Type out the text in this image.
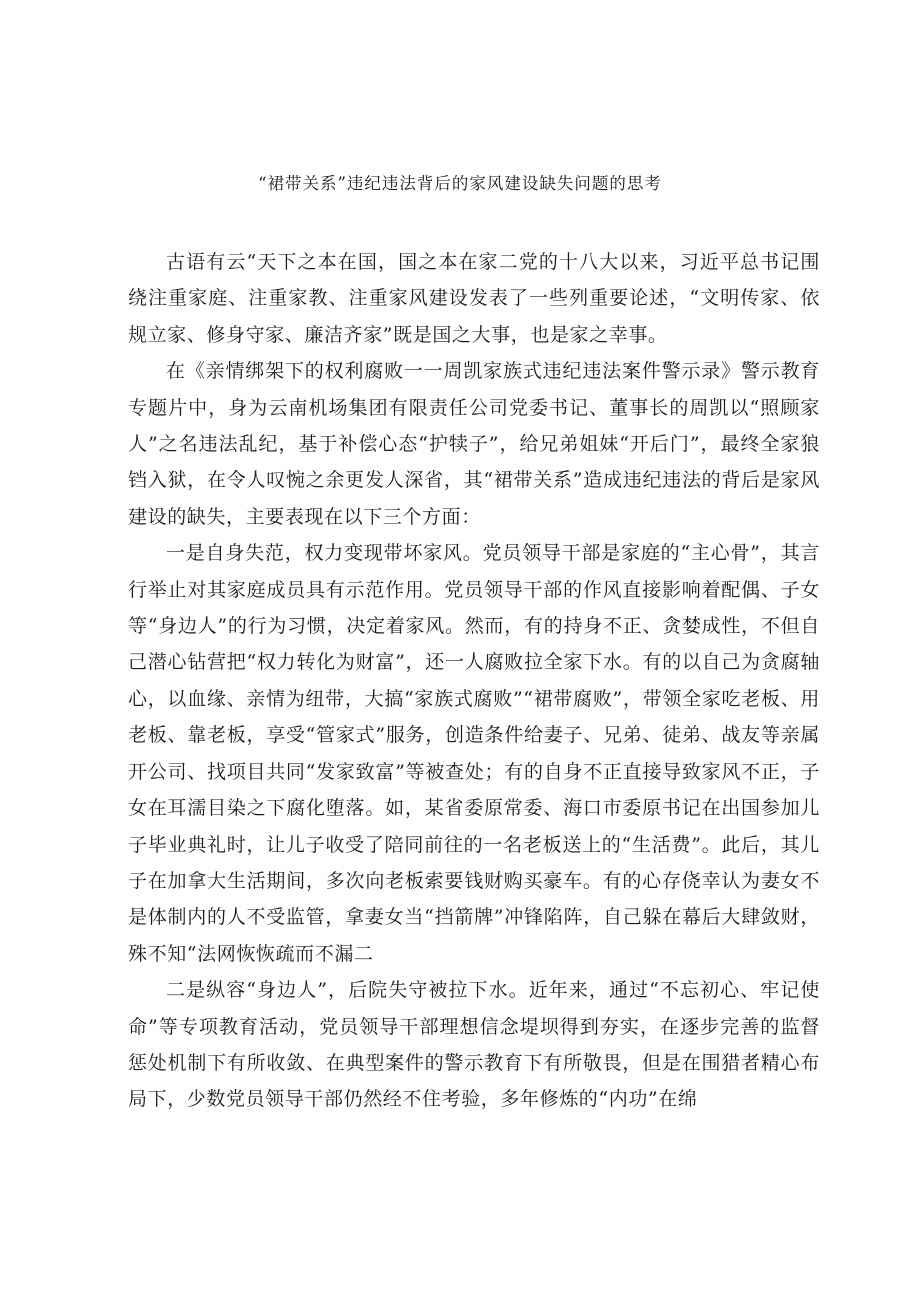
“裙带关系”违纪违法背后的家风建设缺失问题的思考

古语有云“天下之本在国，国之本在家二党的十八大以来，习近平总书记围绕注重家庭、注重家教、注重家风建设发表了一些列重要论述，“文明传家、依规立家、修身守家、廉洁齐家”既是国之大事，也是家之幸事。

在《亲情绑架下的权利腐败一一周凯家族式违纪违法案件警示录》警示教育专题片中，身为云南机场集团有限责任公司党委书记、董事长的周凯以“照顾家人”之名违法乱纪，基于补偿心态“护犊子”，给兄弟姐妹“开后门”，最终全家狼铛入狱，在令人叹惋之余更发人深省，其“裙带关系”造成违纪违法的背后是家风建设的缺失，主要表现在以下三个方面：

一是自身失范，权力变现带坏家风。党员领导干部是家庭的“主心骨”，其言行举止对其家庭成员具有示范作用。党员领导干部的作风直接影响着配偶、子女等“身边人”的行为习惯，决定着家风。然而，有的持身不正、贪婪成性，不但自己潜心钻营把“权力转化为财富”，还一人腐败拉全家下水。有的以自己为贪腐轴心，以血缘、亲情为纽带，大搞“家族式腐败”“裙带腐败”，带领全家吃老板、用老板、靠老板，享受“管家式”服务，创造条件给妻子、兄弟、徒弟、战友等亲属开公司、找项目共同“发家致富”等被查处；有的自身不正直接导致家风不正，子女在耳濡目染之下腐化堕落。如，某省委原常委、海口市委原书记在出国参加儿子毕业典礼时，让儿子收受了陪同前往的一名老板送上的“生活费”。此后，其儿子在加拿大生活期间，多次向老板索要钱财购买豪车。有的心存侥幸认为妻女不是体制内的人不受监管，拿妻女当“挡箭牌”冲锋陷阵，自己躲在幕后大肆敛财，殊不知“法网恢恢疏而不漏二

二是纵容“身边人”，后院失守被拉下水。近年来，通过“不忘初心、牢记使命”等专项教育活动，党员领导干部理想信念堤坝得到夯实，在逐步完善的监督惩处机制下有所收敛、在典型案件的警示教育下有所敬畏，但是在围猎者精心布局下，少数党员领导干部仍然经不住考验，多年修炼的“内功”在绵
